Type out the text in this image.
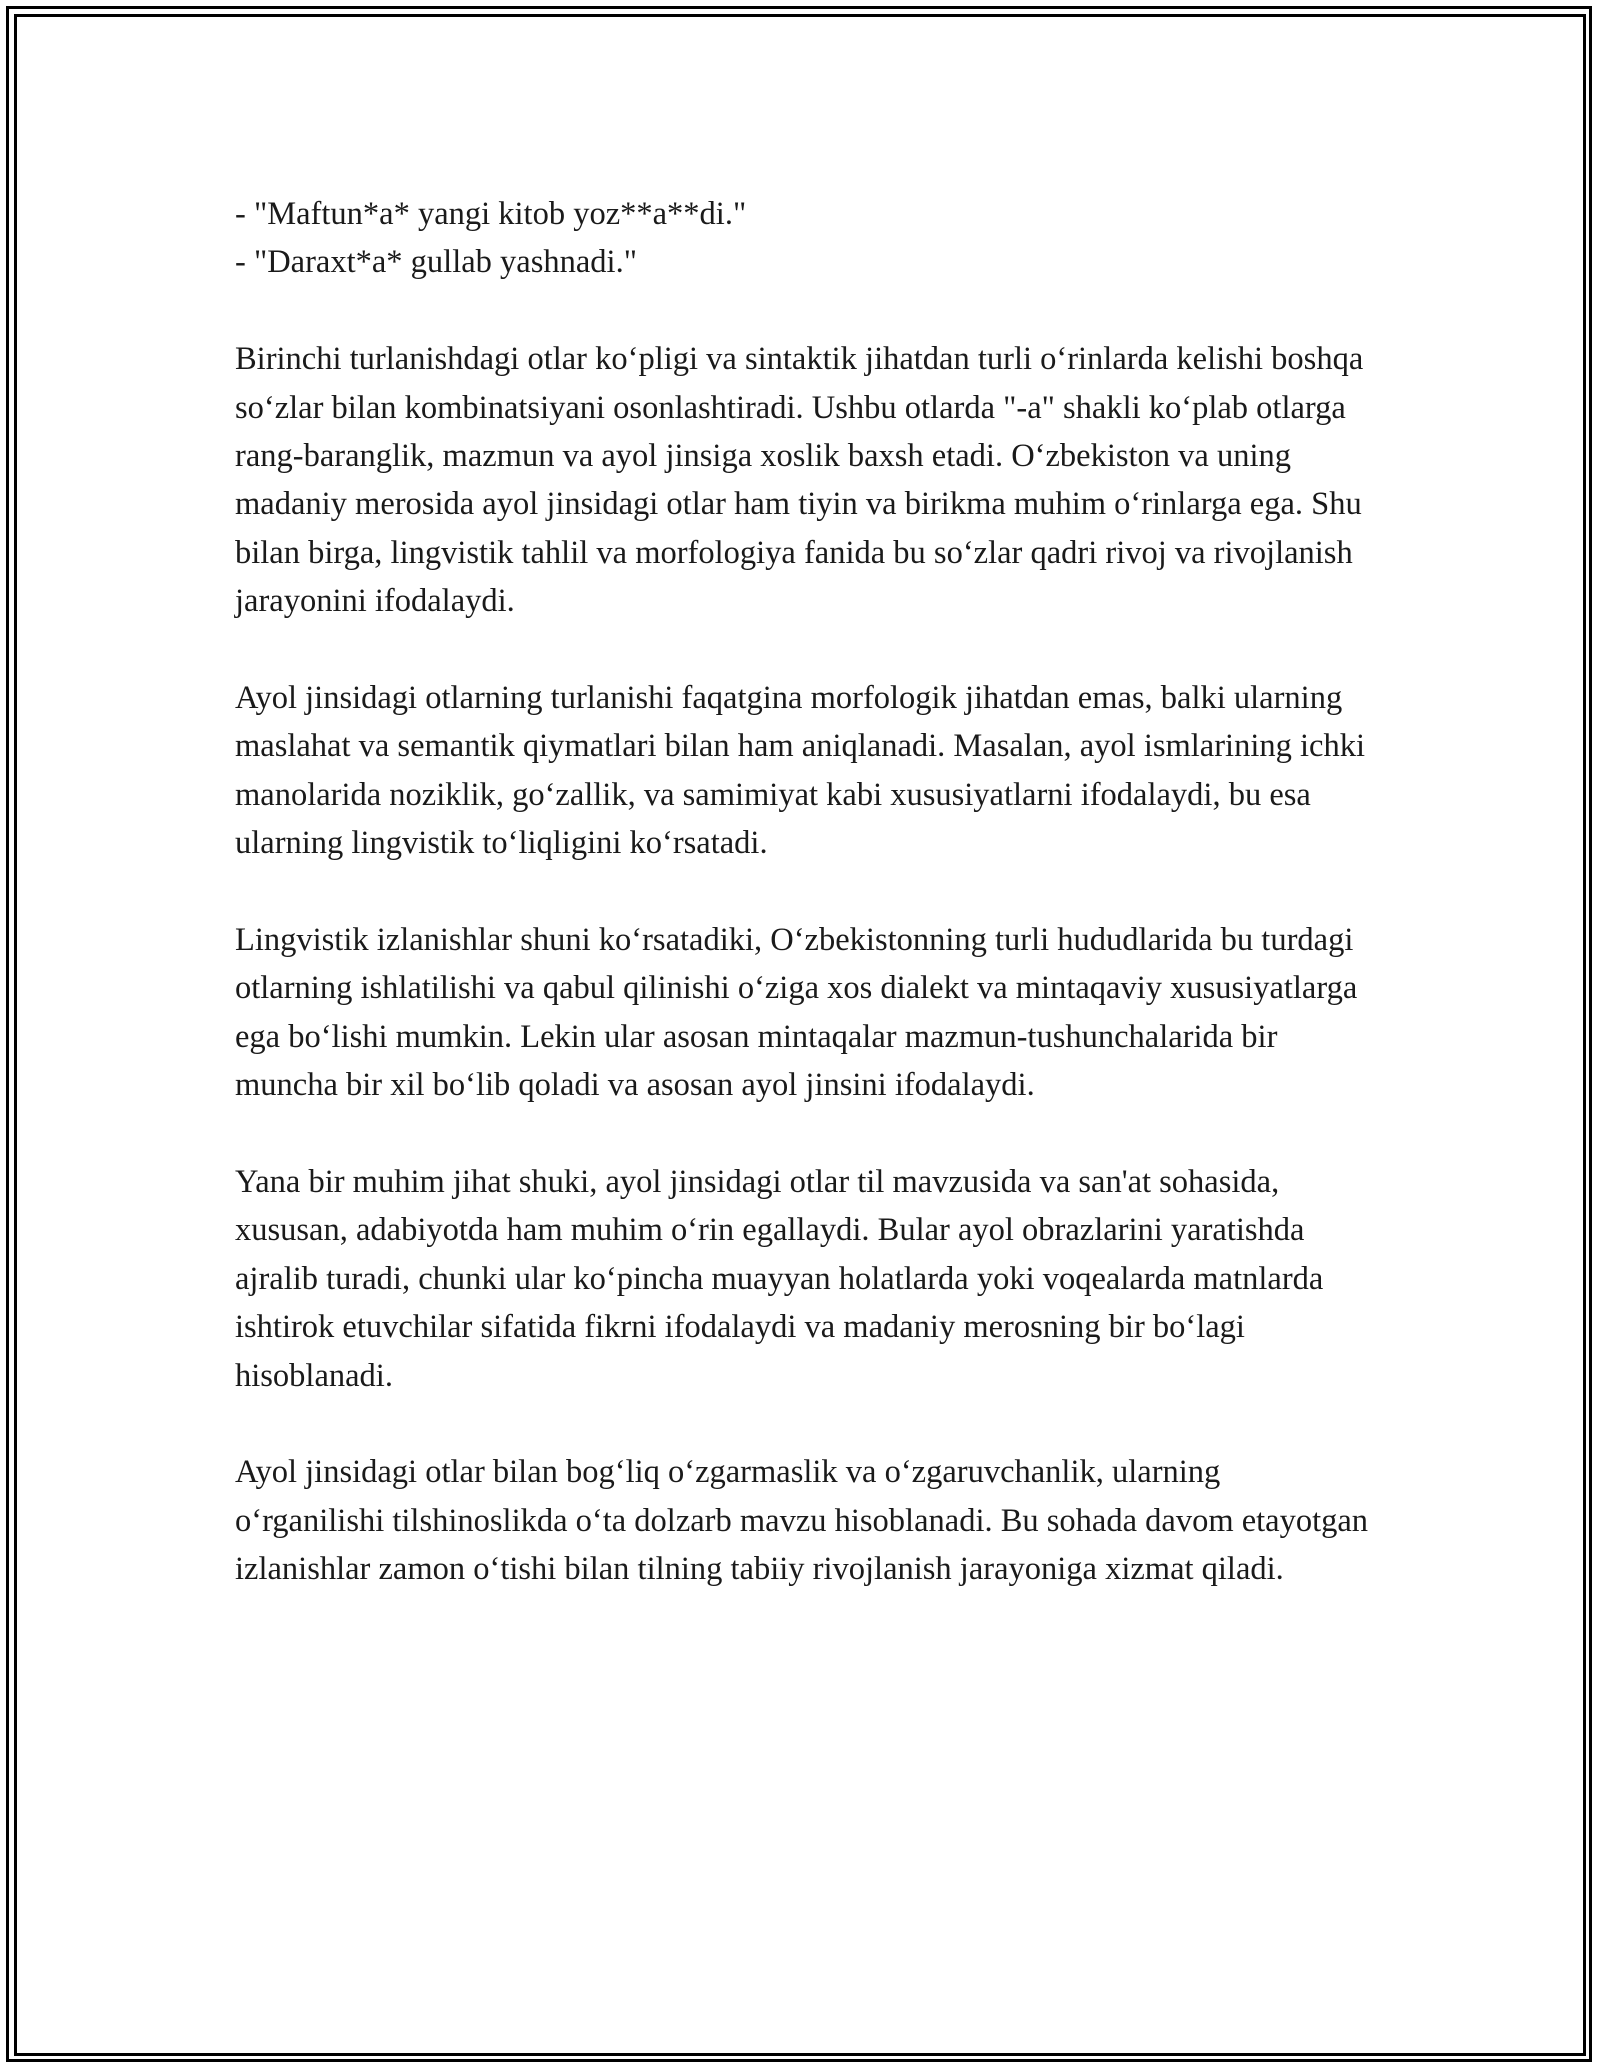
- "Maftun*a* yangi kitob yoz**a**di."

- "Daraxt*a* gullab yashnadi."

Birinchi turlanishdagi otlar koʻpligi va sintaktik jihatdan turli oʻrinlarda kelishi boshqa soʻzlar bilan kombinatsiyani osonlashtiradi. Ushbu otlarda "-a" shakli koʻplab otlarga rang-baranglik, mazmun va ayol jinsiga xoslik baxsh etadi. Oʻzbekiston va uning madaniy merosida ayol jinsidagi otlar ham tiyin va birikma muhim oʻrinlarga ega. Shu bilan birga, lingvistik tahlil va morfologiya fanida bu soʻzlar qadri rivoj va rivojlanish jarayonini ifodalaydi.

Ayol jinsidagi otlarning turlanishi faqatgina morfologik jihatdan emas, balki ularning maslahat va semantik qiymatlari bilan ham aniqlanadi. Masalan, ayol ismlarining ichki manolarida noziklik, goʻzallik, va samimiyat kabi xususiyatlarni ifodalaydi, bu esa ularning lingvistik toʻliqligini koʻrsatadi.

Lingvistik izlanishlar shuni koʻrsatadiki, Oʻzbekistonning turli hududlarida bu turdagi otlarning ishlatilishi va qabul qilinishi oʻziga xos dialekt va mintaqaviy xususiyatlarga ega boʻlishi mumkin. Lekin ular asosan mintaqalar mazmun-tushunchalarida bir muncha bir xil boʻlib qoladi va asosan ayol jinsini ifodalaydi.

Yana bir muhim jihat shuki, ayol jinsidagi otlar til mavzusida va san'at sohasida, xususan, adabiyotda ham muhim oʻrin egallaydi. Bular ayol obrazlarini yaratishda ajralib turadi, chunki ular koʻpincha muayyan holatlarda yoki voqealarda matnlarda ishtirok etuvchilar sifatida fikrni ifodalaydi va madaniy merosning bir boʻlagi hisoblanadi.

Ayol jinsidagi otlar bilan bogʻliq oʻzgarmaslik va oʻzgaruvchanlik, ularning oʻrganilishi tilshinoslikda oʻta dolzarb mavzu hisoblanadi. Bu sohada davom etayotgan izlanishlar zamon oʻtishi bilan tilning tabiiy rivojlanish jarayoniga xizmat qiladi.
